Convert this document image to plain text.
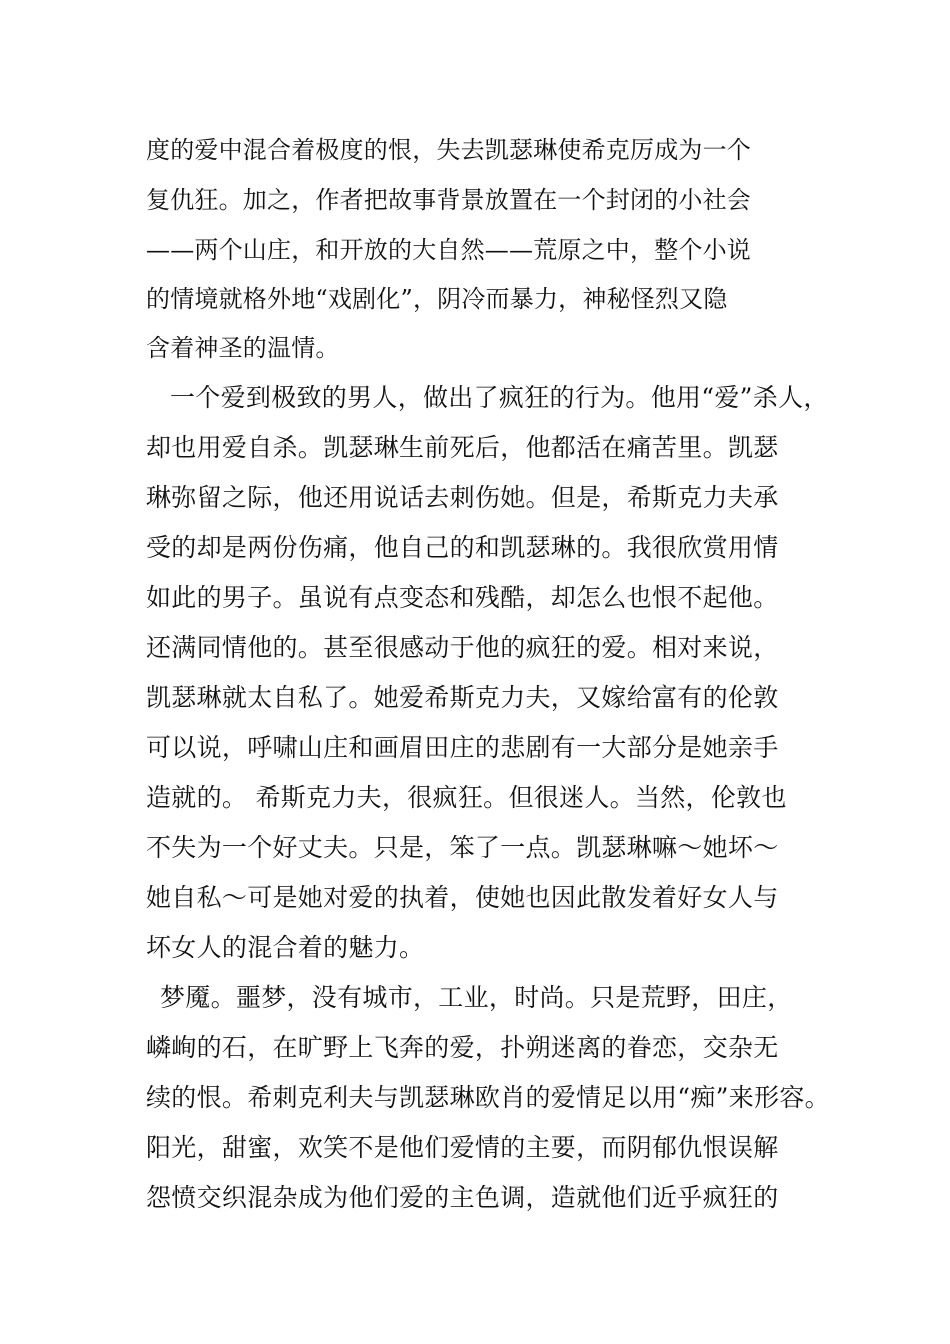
度的爱中混合着极度的恨，失去凯瑟琳使希克厉成为一个
复仇狂。加之，作者把故事背景放置在一个封闭的小社会
——两个山庄，和开放的大自然——荒原之中，整个小说
的情境就格外地“戏剧化”，阴冷而暴力，神秘怪烈又隐
含着神圣的温情。
一个爱到极致的男人，做出了疯狂的行为。他用“爱”杀人，
却也用爱自杀。凯瑟琳生前死后，他都活在痛苦里。凯瑟
琳弥留之际，他还用说话去刺伤她。但是，希斯克力夫承
受的却是两份伤痛，他自己的和凯瑟琳的。我很欣赏用情
如此的男子。虽说有点变态和残酷，却怎么也恨不起他。
还满同情他的。甚至很感动于他的疯狂的爱。相对来说，
凯瑟琳就太自私了。她爱希斯克力夫，又嫁给富有的伦敦
可以说，呼啸山庄和画眉田庄的悲剧有一大部分是她亲手
造就的。 希斯克力夫，很疯狂。但很迷人。当然，伦敦也
不失为一个好丈夫。只是，笨了一点。凯瑟琳嘛～她坏～
她自私～可是她对爱的执着，使她也因此散发着好女人与
坏女人的混合着的魅力。
梦魇。噩梦，没有城市，工业，时尚。只是荒野，田庄，
嶙峋的石，在旷野上飞奔的爱，扑朔迷离的眷恋，交杂无
续的恨。希刺克利夫与凯瑟琳欧肖的爱情足以用“痴”来形容。
阳光，甜蜜，欢笑不是他们爱情的主要，而阴郁仇恨误解
怨愤交织混杂成为他们爱的主色调，造就他们近乎疯狂的
